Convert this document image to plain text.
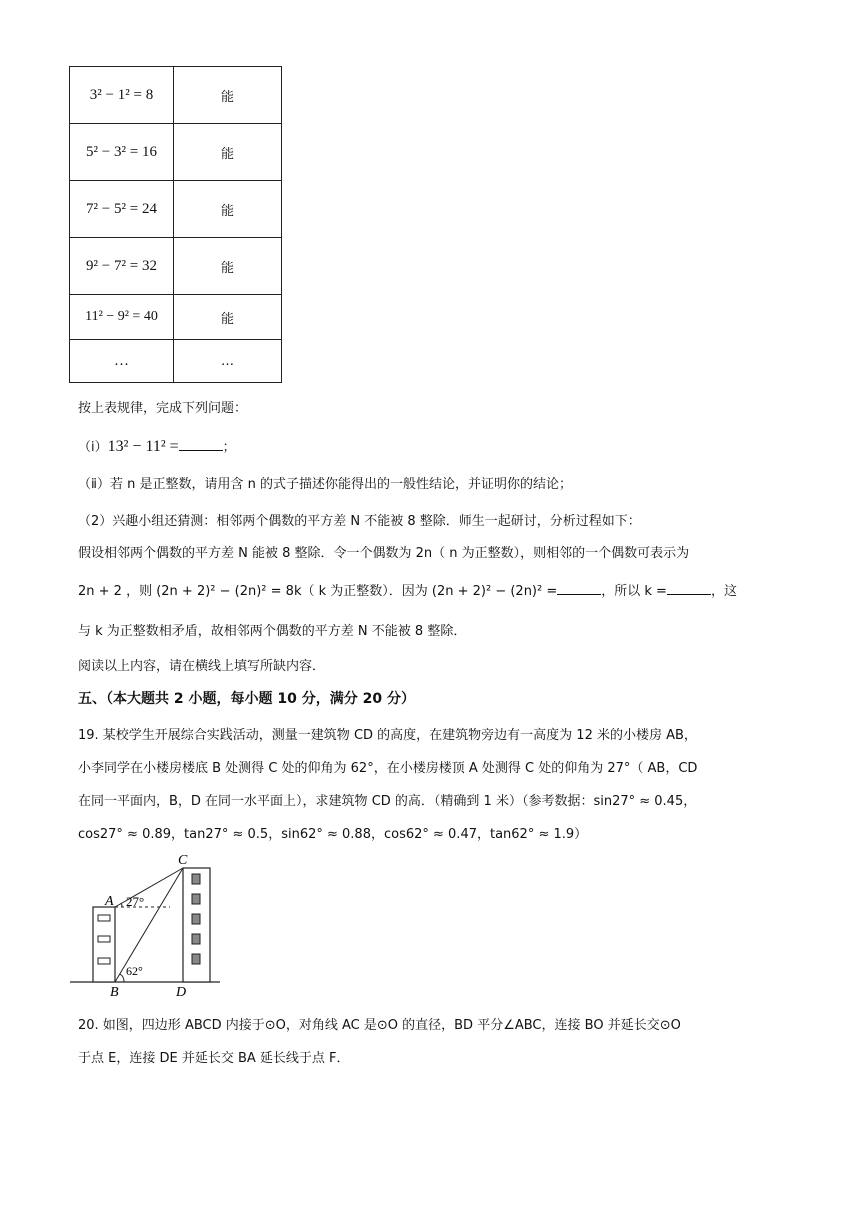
3² − 1² = 8	能
5² − 3² = 16	能
7² − 5² = 24	能
9² − 7² = 32	能
11² − 9² = 40	能
…	…
按上表规律，完成下列问题：
（ⅰ）13² − 11² =	；
（ⅱ）若 n 是正整数，请用含 n 的式子描述你能得出的一般性结论，并证明你的结论；
（2）兴趣小组还猜测：相邻两个偶数的平方差 N 不能被 8 整除．师生一起研讨，分析过程如下：
假设相邻两个偶数的平方差 N 能被 8 整除．令一个偶数为 2n（ n 为正整数），则相邻的一个偶数可表示为
2n + 2 ，则 (2n + 2)² − (2n)² = 8k（ k 为正整数）．因为 (2n + 2)² − (2n)² =	，所以 k =	，这
与 k 为正整数相矛盾，故相邻两个偶数的平方差 N 不能被 8 整除．
阅读以上内容，请在横线上填写所缺内容．
五、（本大题共 2 小题，每小题 10 分，满分 20 分）
19. 某校学生开展综合实践活动，测量一建筑物 CD 的高度，在建筑物旁边有一高度为 12 米的小楼房 AB，
小李同学在小楼房楼底 B 处测得 C 处的仰角为 62°，在小楼房楼顶 A 处测得 C 处的仰角为 27°（ AB，CD
在同一平面内，B，D 在同一水平面上），求建筑物 CD 的高．（精确到 1 米）（参考数据：sin27° ≈ 0.45，
cos27° ≈ 0.89，tan27° ≈ 0.5，sin62° ≈ 0.88，cos62° ≈ 0.47，tan62° ≈ 1.9）
A
B
C
D
27°
62°
20. 如图，四边形 ABCD 内接于⊙O，对角线 AC 是⊙O 的直径，BD 平分∠ABC，连接 BO 并延长交⊙O
于点 E，连接 DE 并延长交 BA 延长线于点 F．
